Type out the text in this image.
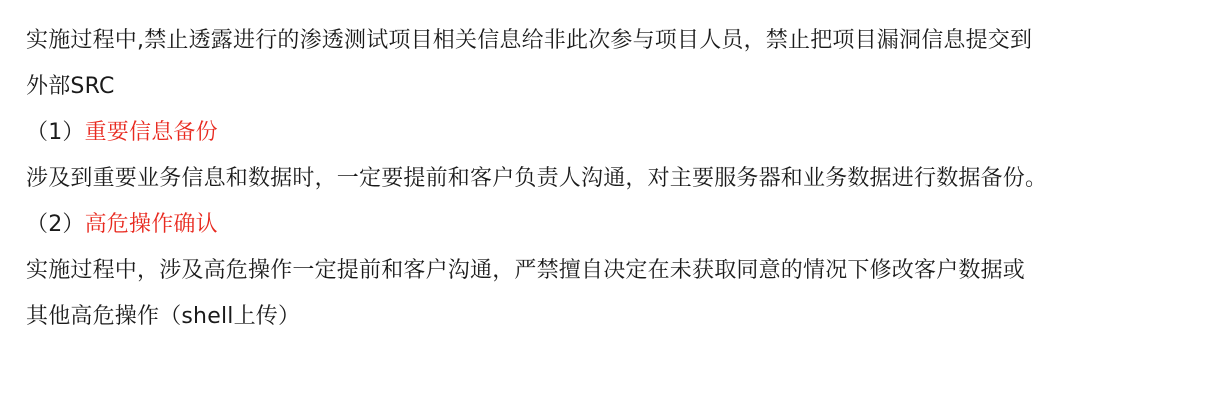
实施过程中,禁止透露进行的渗透测试项目相关信息给非此次参与项目人员，禁止把项目漏洞信息提交到
外部SRC
（1）重要信息备份
涉及到重要业务信息和数据时，一定要提前和客户负责人沟通，对主要服务器和业务数据进行数据备份。
（2）高危操作确认
实施过程中，涉及高危操作一定提前和客户沟通，严禁擅自决定在未获取同意的情况下修改客户数据或
其他高危操作（shell上传）
